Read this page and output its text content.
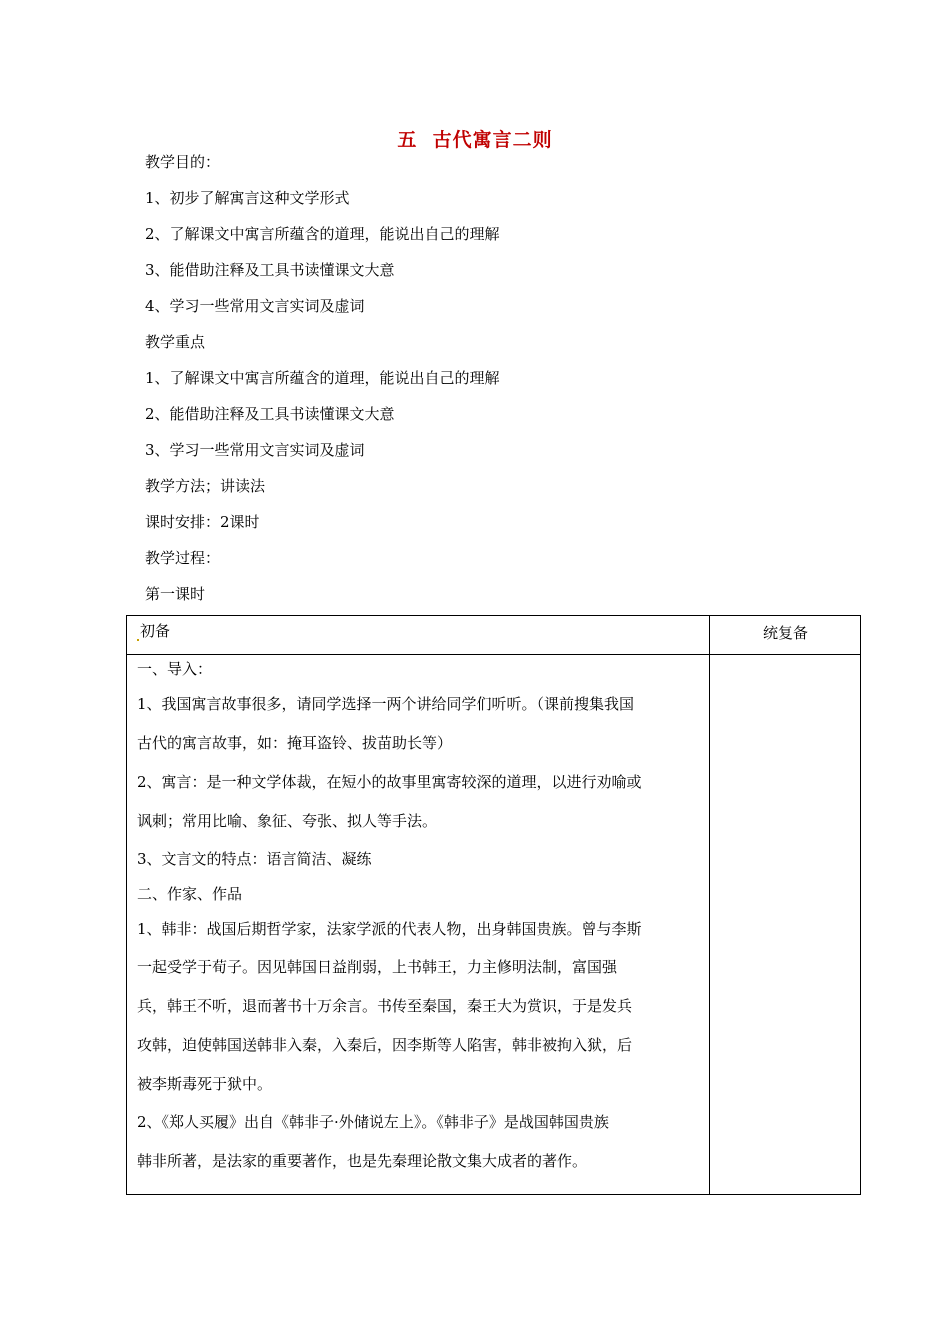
五  古代寓言二则
教学目的：
1、初步了解寓言这种文学形式
2、了解课文中寓言所蕴含的道理，能说出自己的理解
3、能借助注释及工具书读懂课文大意
4、学习一些常用文言实词及虚词
教学重点
1、了解课文中寓言所蕴含的道理，能说出自己的理解
2、能借助注释及工具书读懂课文大意
3、学习一些常用文言实词及虚词
教学方法；讲读法
课时安排：2课时
教学过程：
第一课时
初备	统复备
一、导入：
1、我国寓言故事很多，请同学选择一两个讲给同学们听听。（课前搜集我国
古代的寓言故事，如：掩耳盗铃、拔苗助长等）
2、寓言：是一种文学体裁，在短小的故事里寓寄较深的道理，以进行劝喻或
讽刺；常用比喻、象征、夸张、拟人等手法。
3、文言文的特点：语言简洁、凝练
二、作家、作品
1、韩非：战国后期哲学家，法家学派的代表人物，出身韩国贵族。曾与李斯
一起受学于荀子。因见韩国日益削弱，上书韩王，力主修明法制，富国强
兵，韩王不听，退而著书十万余言。书传至秦国，秦王大为赏识，于是发兵
攻韩，迫使韩国送韩非入秦，入秦后，因李斯等人陷害，韩非被拘入狱，后
被李斯毒死于狱中。
2、《郑人买履》出自《韩非子·外储说左上》。《韩非子》是战国韩国贵族
韩非所著，是法家的重要著作，也是先秦理论散文集大成者的著作。
